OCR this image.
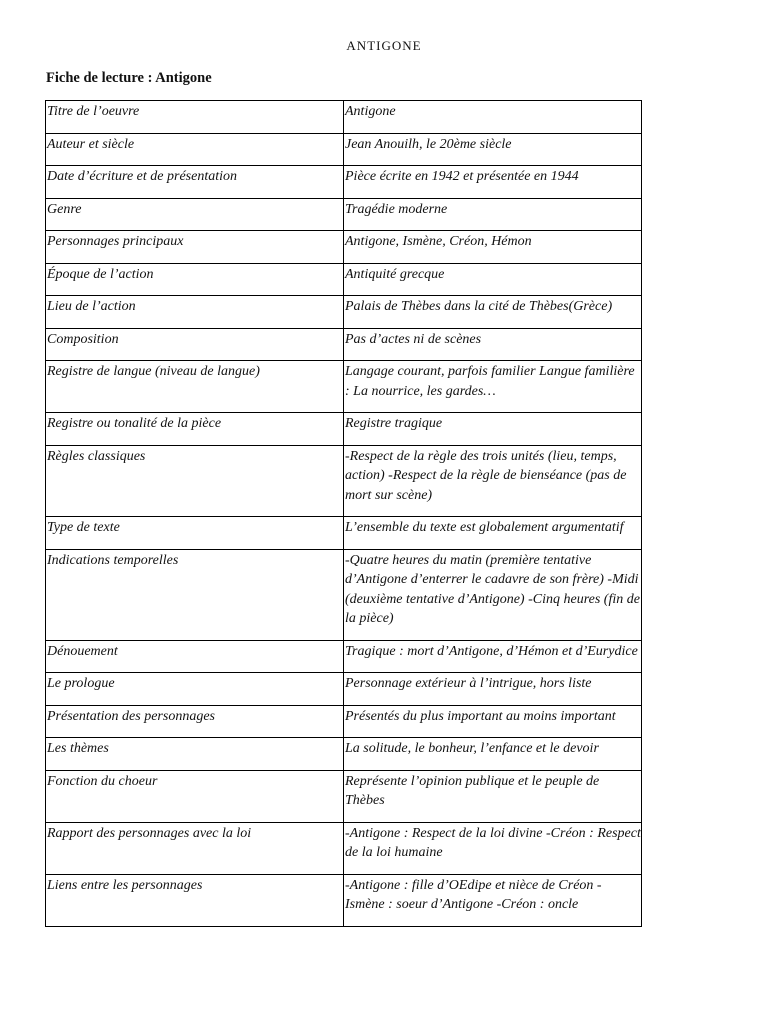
antigone
Fiche de lecture : Antigone
Titre de l’oeuvre	Antigone
Auteur et siècle	Jean Anouilh, le 20ème siècle
Date d’écriture et de présentation	Pièce écrite en 1942 et présentée en 1944
Genre	Tragédie moderne
Personnages principaux	Antigone, Ismène, Créon, Hémon
Époque de l’action	Antiquité grecque
Lieu de l’action	Palais de Thèbes dans la cité de Thèbes(Grèce)
Composition	Pas d’actes ni de scènes
Registre de langue (niveau de langue)	Langage courant, parfois familier Langue familière : La nourrice, les gardes…
Registre ou tonalité de la pièce	Registre tragique
Règles classiques	-Respect de la règle des trois unités (lieu, temps, action) -Respect de la règle de bienséance (pas de mort sur scène)
Type de texte	L’ensemble du texte est globalement argumentatif
Indications temporelles	-Quatre heures du matin (première tentative d’Antigone d’enterrer le cadavre de son frère) -Midi (deuxième tentative d’Antigone) -Cinq heures (fin de la pièce)
Dénouement	Tragique : mort d’Antigone, d’Hémon et d’Eurydice
Le prologue	Personnage extérieur à l’intrigue, hors liste
Présentation des personnages	Présentés du plus important au moins important
Les thèmes	La solitude, le bonheur, l’enfance et le devoir
Fonction du choeur	Représente l’opinion publique et le peuple de Thèbes
Rapport des personnages avec la loi	-Antigone : Respect de la loi divine -Créon : Respect de la loi humaine
Liens entre les personnages	-Antigone : fille d’OEdipe et nièce de Créon -Ismène : soeur d’Antigone -Créon : oncle
